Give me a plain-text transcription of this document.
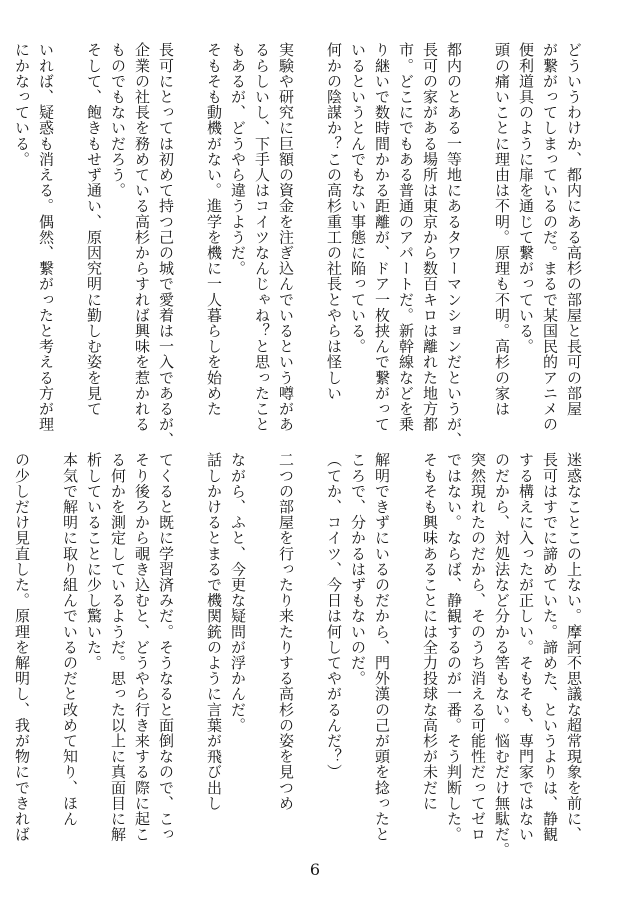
どういうわけか、都内にある高杉の部屋と長可の部屋

が繋がってしまっているのだ。まるで某国民的アニメの

便利道具のように扉を通じて繋がっている。

頭の痛いことに理由は不明。原理も不明。高杉の家は

都内のとある一等地にあるタワーマンションだというが、

長可の家がある場所は東京から数百キロは離れた地方都

市。どこにでもある普通のアパートだ。新幹線などを乗

り継いで数時間かかる距離が、ドア一枚挟んで繋がって

いるというとんでもない事態に陥っている。

何かの陰謀か？この高杉重工の社長とやらは怪しい

実験や研究に巨額の資金を注ぎ込んでいるという噂があ

るらしいし、下手人はコイツなんじゃね？と思ったこと

もあるが、どうやら違うようだ。

そもそも動機がない。進学を機に一人暮らしを始めた

長可にとっては初めて持つ己の城で愛着は一入であるが、

企業の社長を務めている高杉からすれば興味を惹かれる

ものでもないだろう。

そして、飽きもせず通い、原因究明に勤しむ姿を見て

いれば、疑惑も消える。偶然、繋がったと考える方が理

にかなっている。

迷惑なことこの上ない。摩訶不思議な超常現象を前に、

長可はすでに諦めていた。諦めた、というよりは、静観

する構えに入ったが正しい。そもそも、専門家ではない

のだから、対処法など分かる筈もない。悩むだけ無駄だ。

突然現れたのだから、そのうち消える可能性だってゼロ

ではない。ならば、静観するのが一番。そう判断した。

そもそも興味あることには全力投球な高杉が未だに

解明できずにいるのだから、門外漢の己が頭を捻ったと

ころで、分かるはずもないのだ。

（てか、コイツ、今日は何してやがるんだ？）

二つの部屋を行ったり来たりする高杉の姿を見つめ

ながら、ふと、今更な疑問が浮かんだ。

話しかけるとまるで機関銃のように言葉が飛び出し

てくると既に学習済みだ。そうなると面倒なので、こっ

そり後ろから覗き込むと、どうやら行き来する際に起こ

る何かを測定しているようだ。思った以上に真面目に解

析していることに少し驚いた。

本気で解明に取り組んでいるのだと改めて知り、ほん

の少しだけ見直した。原理を解明し、我が物にできれば

6
